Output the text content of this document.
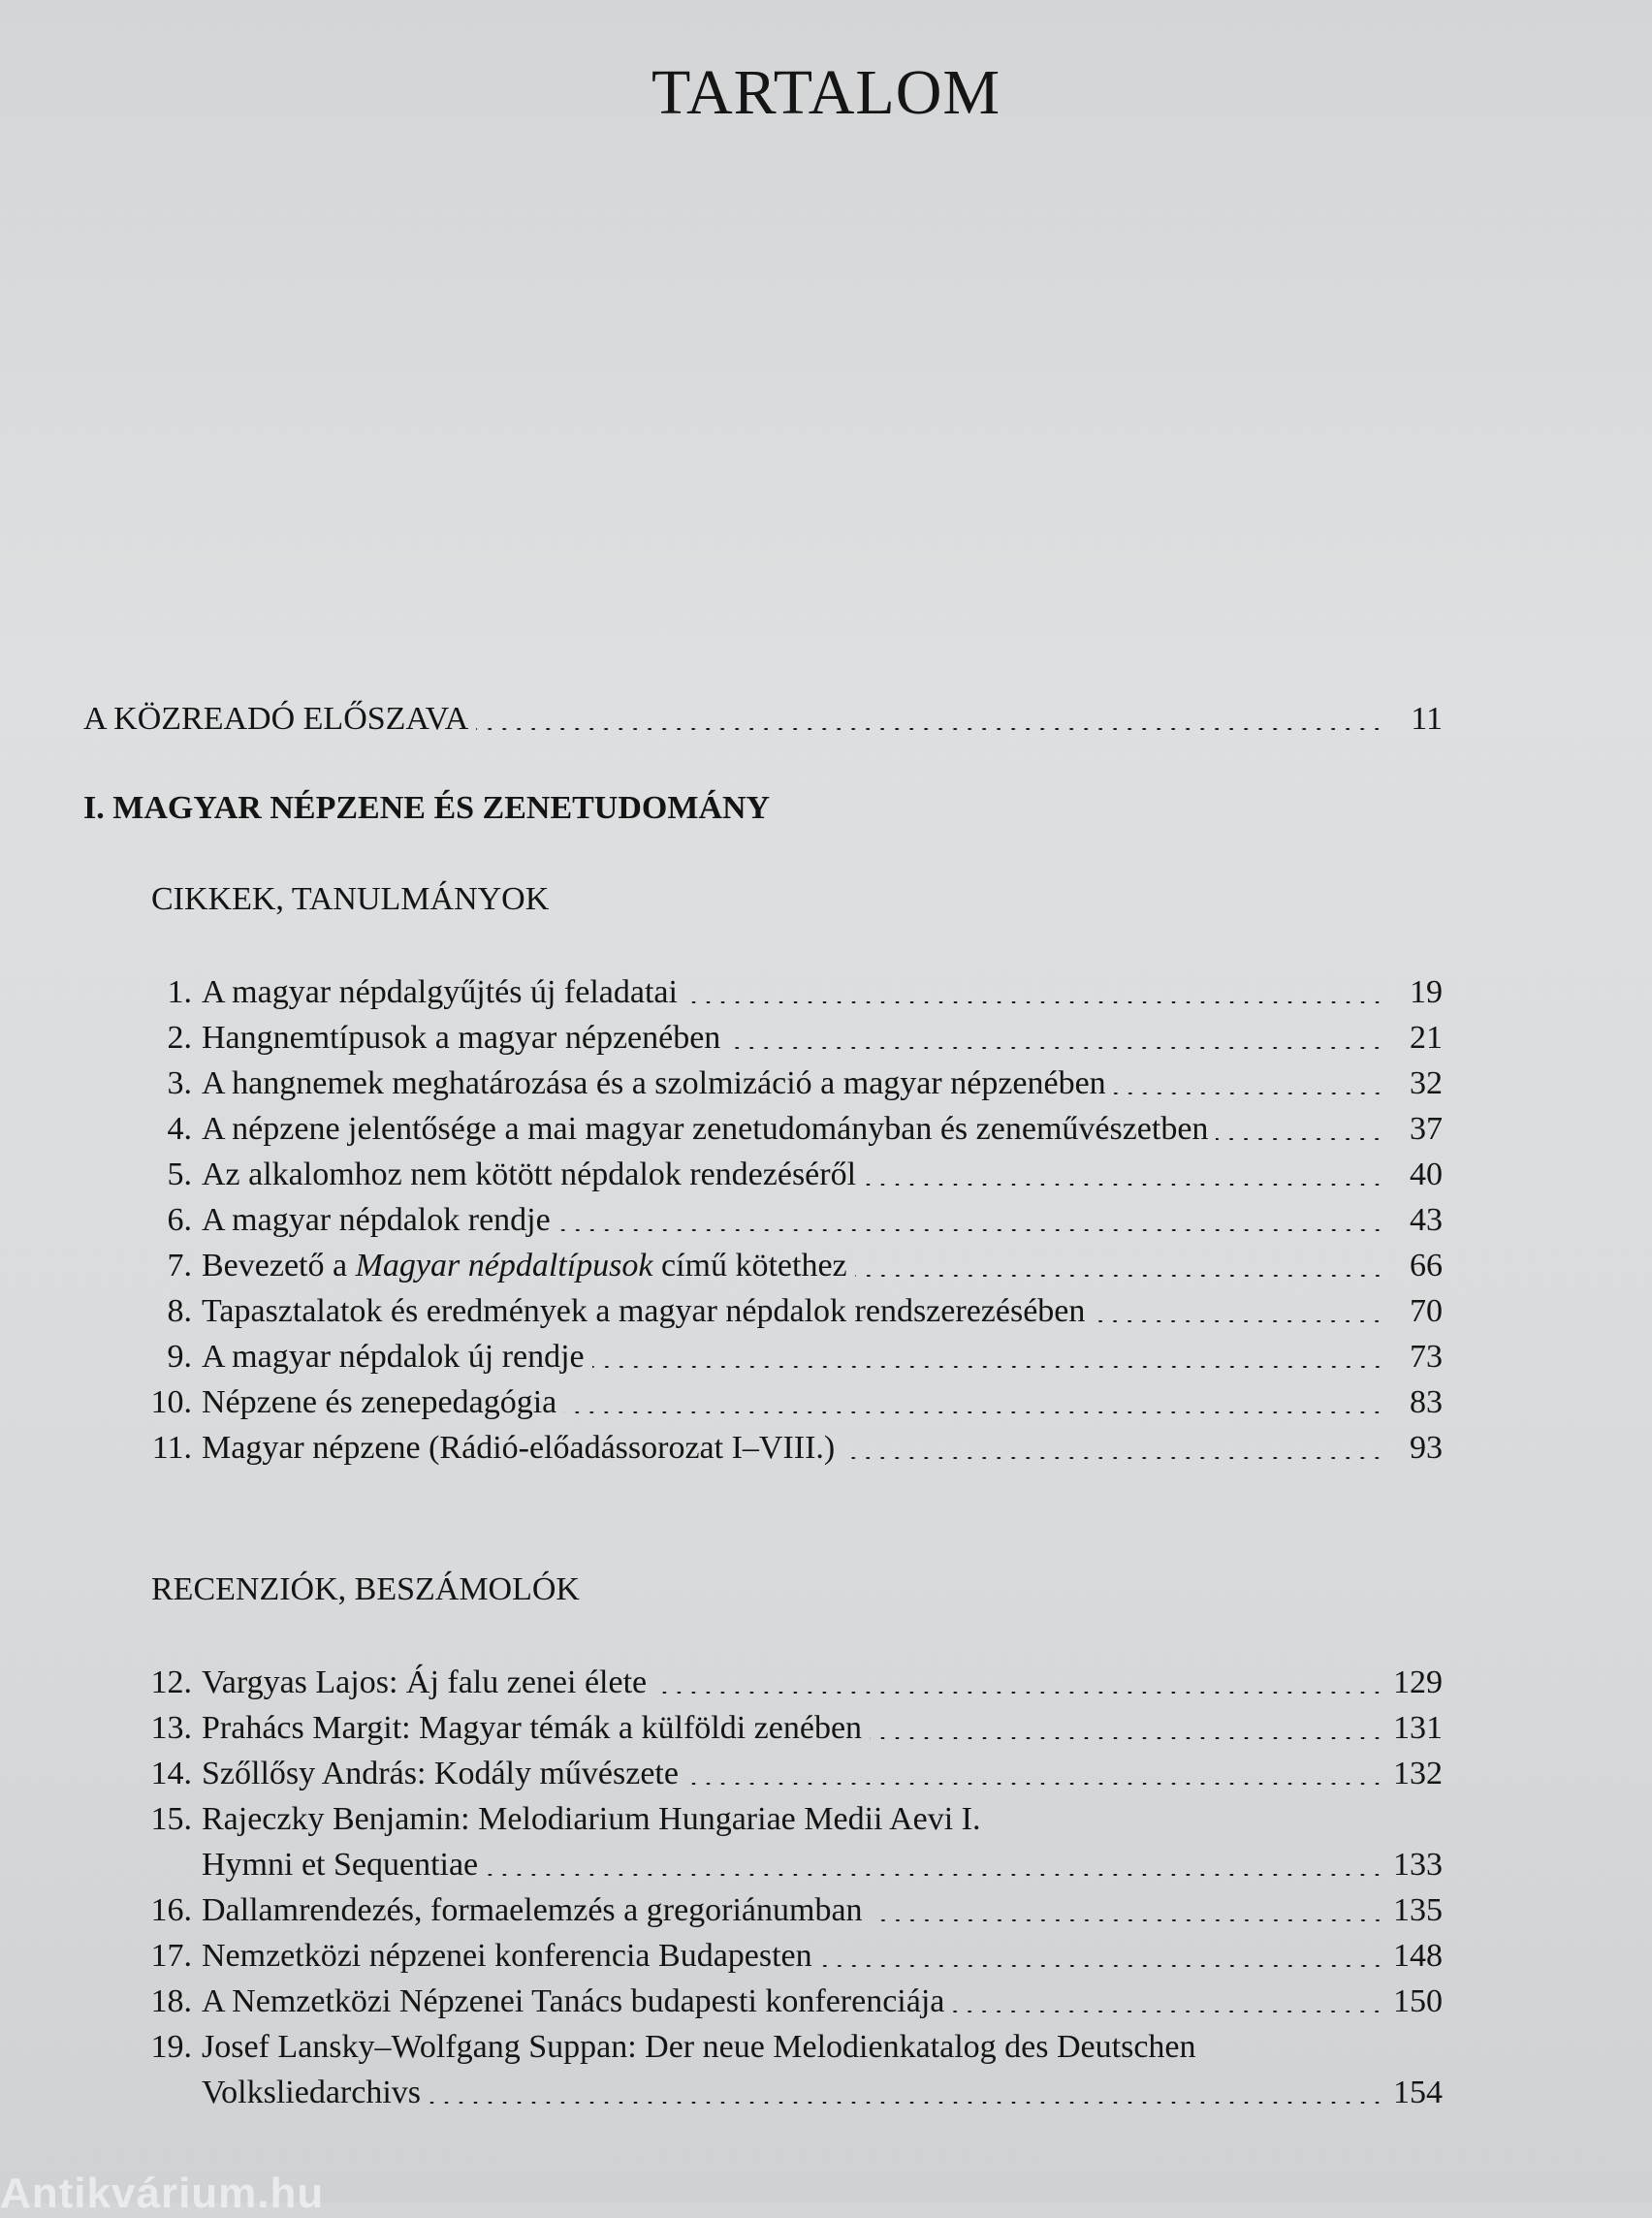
TARTALOM
A KÖZREADÓ ELŐSZAVA	11
I. MAGYAR NÉPZENE ÉS ZENETUDOMÁNY
CIKKEK, TANULMÁNYOK
1. A magyar népdalgyűjtés új feladatai	19
2. Hangnemtípusok a magyar népzenében	21
3. A hangnemek meghatározása és a szolmizáció a magyar népzenében	32
4. A népzene jelentősége a mai magyar zenetudományban és zeneművészetben	37
5. Az alkalomhoz nem kötött népdalok rendezéséről	40
6. A magyar népdalok rendje	43
7. Bevezető a Magyar népdaltípusok című kötethez	66
8. Tapasztalatok és eredmények a magyar népdalok rendszerezésében	70
9. A magyar népdalok új rendje	73
10. Népzene és zenepedagógia	83
11. Magyar népzene (Rádió-előadássorozat I–VIII.)	93
RECENZIÓK, BESZÁMOLÓK
12. Vargyas Lajos: Áj falu zenei élete	129
13. Prahács Margit: Magyar témák a külföldi zenében	131
14. Szőllősy András: Kodály művészete	132
15. Rajeczky Benjamin: Melodiarium Hungariae Medii Aevi I.
Hymni et Sequentiae	133
16. Dallamrendezés, formaelemzés a gregoriánumban	135
17. Nemzetközi népzenei konferencia Budapesten	148
18. A Nemzetközi Népzenei Tanács budapesti konferenciája	150
19. Josef Lansky–Wolfgang Suppan: Der neue Melodienkatalog des Deutschen
Volksliedarchivs	154
Antikvárium.hu
